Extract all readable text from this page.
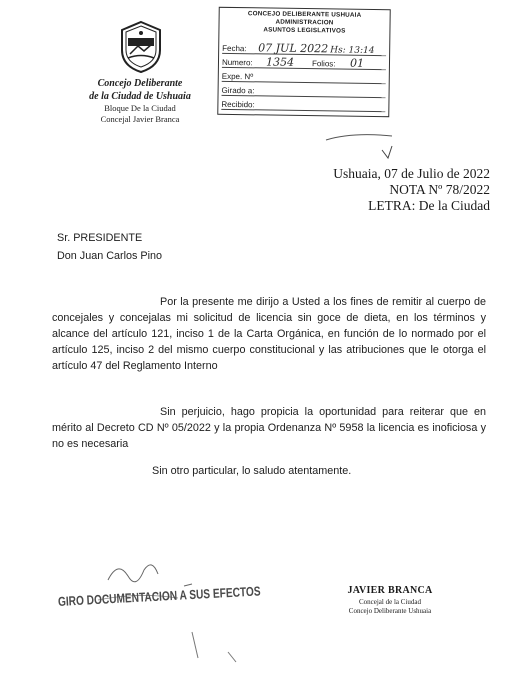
Concejo Deliberante
de la Ciudad de Ushuaia
Bloque De la Ciudad
Concejal Javier Branca
CONCEJO DELIBERANTE USHUAIA
ADMINISTRACION
ASUNTOS LEGISLATIVOS
Fecha: 07 JUL 2022 Hs: 13:14
Numero: 1354 Folios: 01
Expe. Nº
Girado a:
Recibido:
Ushuaia, 07 de Julio de 2022
NOTA Nº 78/2022
LETRA: De la Ciudad
Sr. PRESIDENTE
Don Juan Carlos Pino
Por la presente me dirijo a Usted a los fines de remitir al cuerpo de concejales y concejalas mi solicitud de licencia sin goce de dieta, en los términos y alcance del artículo 121, inciso 1 de la Carta Orgánica, en función de lo normado por el artículo 125, inciso 2 del mismo cuerpo constitucional y las atribuciones que le otorga el artículo 47 del Reglamento Interno
Sin perjuicio, hago propicia la oportunidad para reiterar que en mérito al Decreto CD Nº 05/2022 y la propia Ordenanza Nº 5958 la licencia es inoficiosa y no es necesaria
Sin otro particular, lo saludo atentamente.
GIRO DOCUMENTACION A SUS EFECTOS	JAVIER BRANCA
Concejal de la Ciudad
Concejo Deliberante Ushuaia
